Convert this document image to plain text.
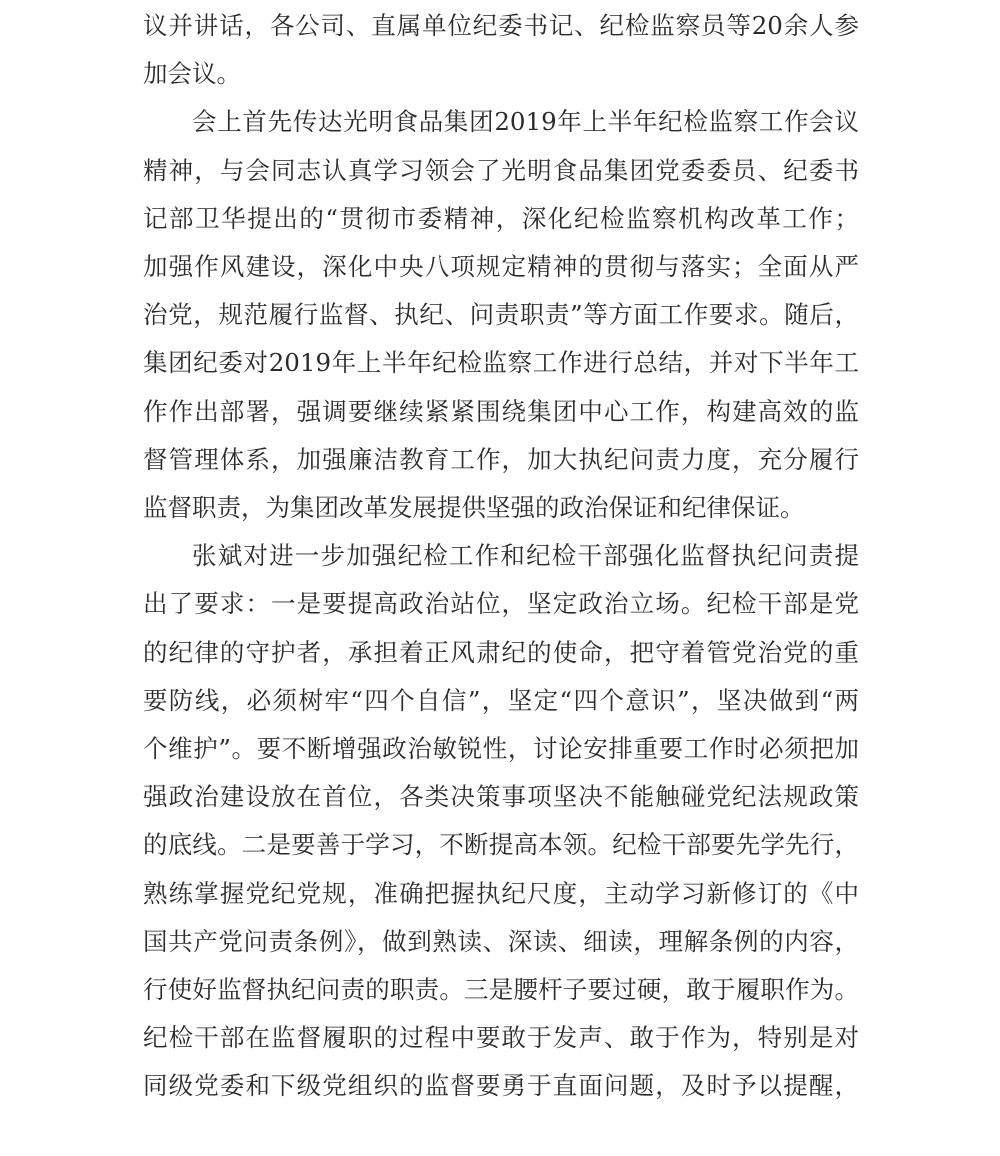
议并讲话，各公司、直属单位纪委书记、纪检监察员等20余人参
加会议。
会上首先传达光明食品集团2019年上半年纪检监察工作会议
精神，与会同志认真学习领会了光明食品集团党委委员、纪委书
记部卫华提出的“贯彻市委精神，深化纪检监察机构改革工作；
加强作风建设，深化中央八项规定精神的贯彻与落实；全面从严
治党，规范履行监督、执纪、问责职责”等方面工作要求。随后，
集团纪委对2019年上半年纪检监察工作进行总结，并对下半年工
作作出部署，强调要继续紧紧围绕集团中心工作，构建高效的监
督管理体系，加强廉洁教育工作，加大执纪问责力度，充分履行
监督职责，为集团改革发展提供坚强的政治保证和纪律保证。
张斌对进一步加强纪检工作和纪检干部强化监督执纪问责提
出了要求：一是要提高政治站位，坚定政治立场。纪检干部是党
的纪律的守护者，承担着正风肃纪的使命，把守着管党治党的重
要防线，必须树牢“四个自信”，坚定“四个意识”，坚决做到“两
个维护”。要不断增强政治敏锐性，讨论安排重要工作时必须把加
强政治建设放在首位，各类决策事项坚决不能触碰党纪法规政策
的底线。二是要善于学习，不断提高本领。纪检干部要先学先行，
熟练掌握党纪党规，准确把握执纪尺度，主动学习新修订的《中
国共产党问责条例》，做到熟读、深读、细读，理解条例的内容，
行使好监督执纪问责的职责。三是腰杆子要过硬，敢于履职作为。
纪检干部在监督履职的过程中要敢于发声、敢于作为，特别是对
同级党委和下级党组织的监督要勇于直面问题，及时予以提醒，
